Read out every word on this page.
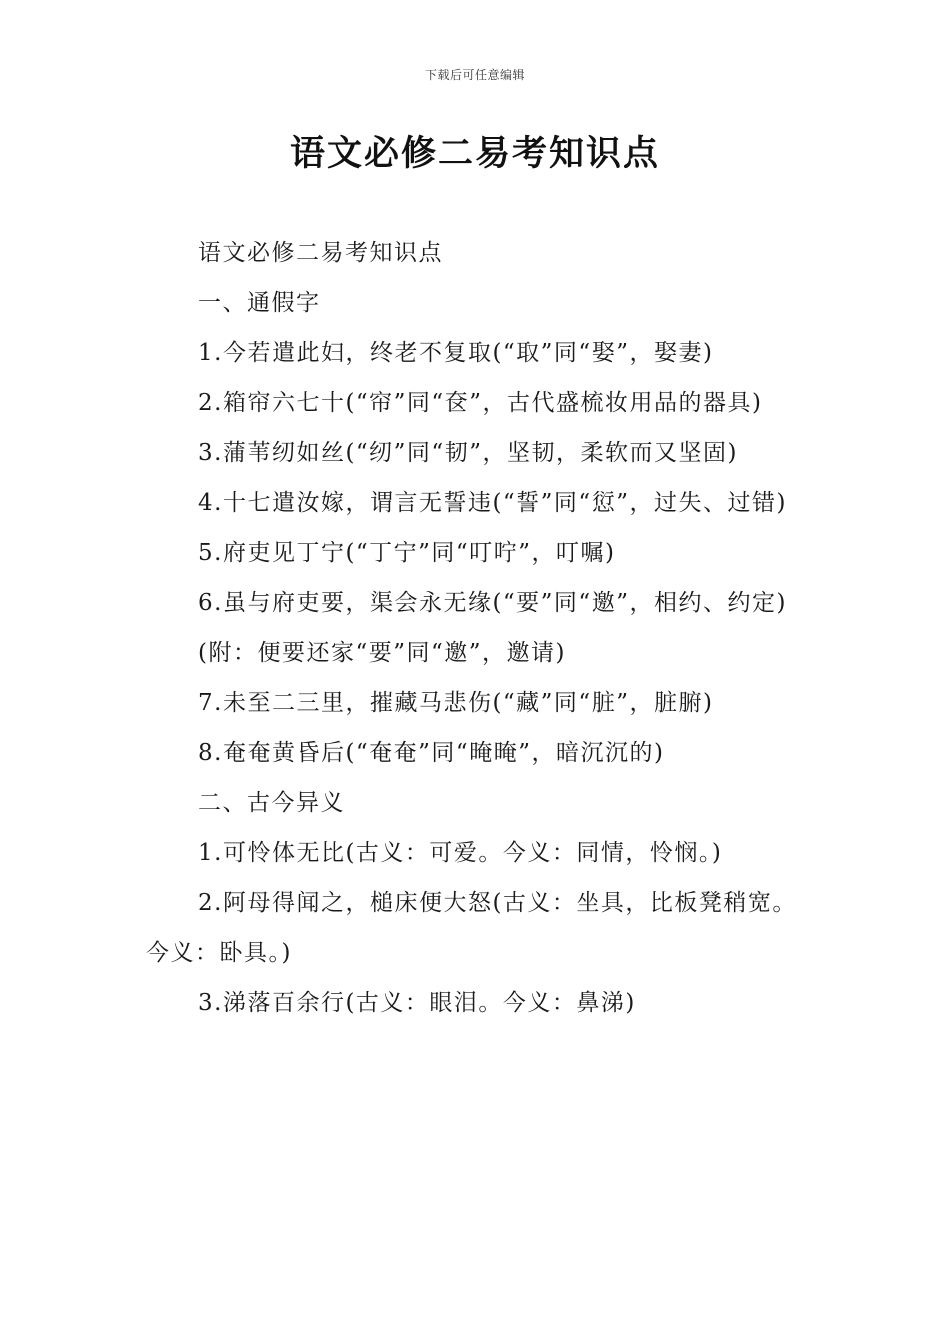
下载后可任意编辑
语文必修二易考知识点

语文必修二易考知识点

一、通假字

1.今若遣此妇，终老不复取(“取”同“娶”，娶妻)

2.箱帘六七十(“帘”同“奁”，古代盛梳妆用品的器具)

3.蒲苇纫如丝(“纫”同“韧”，坚韧，柔软而又坚固)

4.十七遣汝嫁，谓言无誓违(“誓”同“愆”，过失、过错)

5.府吏见丁宁(“丁宁”同“叮咛”，叮嘱)

6.虽与府吏要，渠会永无缘(“要”同“邀”，相约、约定)

(附：便要还家“要”同“邀”，邀请)

7.未至二三里，摧藏马悲伤(“藏”同“脏”，脏腑)

8.奄奄黄昏后(“奄奄”同“晻晻”，暗沉沉的)

二、古今异义

1.可怜体无比(古义：可爱。今义：同情，怜悯。)

2.阿母得闻之，槌床便大怒(古义：坐具，比板凳稍宽。今义：卧具。)

3.涕落百余行(古义：眼泪。今义：鼻涕)
